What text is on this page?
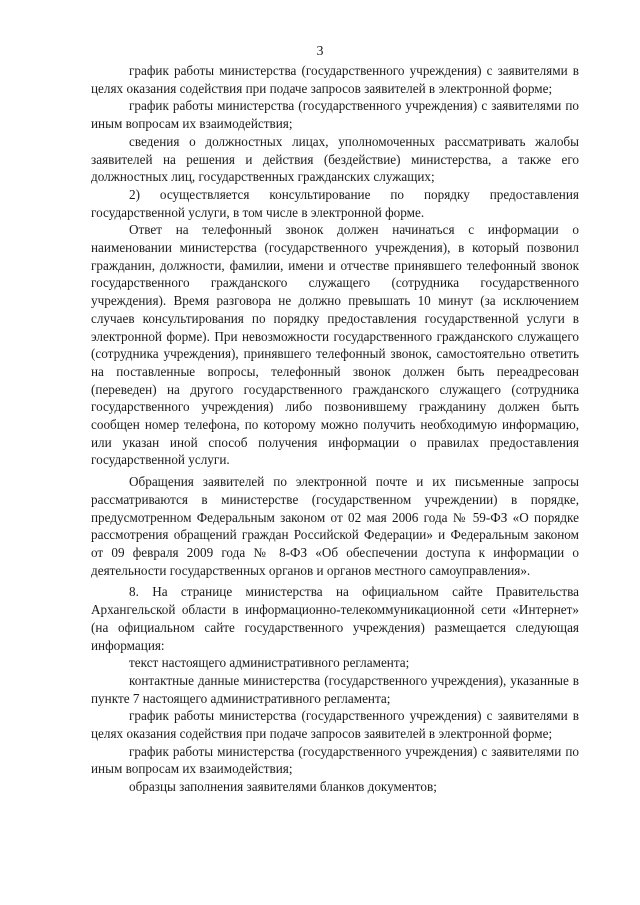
3

график работы министерства (государственного учреждения) с заявителями в целях оказания содействия при подаче запросов заявителей в электронной форме;

график работы министерства (государственного учреждения) с заявителями по иным вопросам их взаимодействия;

сведения о должностных лицах, уполномоченных рассматривать жалобы заявителей на решения и действия (бездействие) министерства, а также его должностных лиц, государственных гражданских служащих;

2) осуществляется консультирование по порядку предоставления государственной услуги, в том числе в электронной форме.

Ответ на телефонный звонок должен начинаться с информации о наименовании министерства (государственного учреждения), в который позвонил гражданин, должности, фамилии, имени и отчестве принявшего телефонный звонок государственного гражданского служащего (сотрудника государственного учреждения). Время разговора не должно превышать 10 минут (за исключением случаев консультирования по порядку предоставления государственной услуги в электронной форме). При невозможности государственного гражданского служащего (сотрудника учреждения), принявшего телефонный звонок, самостоятельно ответить на поставленные вопросы, телефонный звонок должен быть переадресован (переведен) на другого государственного гражданского служащего (сотрудника государственного учреждения) либо позвонившему гражданину должен быть сообщен номер телефона, по которому можно получить необходимую информацию, или указан иной способ получения информации о правилах предоставления государственной услуги.

Обращения заявителей по электронной почте и их письменные запросы рассматриваются в министерстве (государственном учреждении) в порядке, предусмотренном Федеральным законом от 02 мая 2006 года № 59-ФЗ «О порядке рассмотрения обращений граждан Российской Федерации» и Федеральным законом от 09 февраля 2009 года № 8-ФЗ «Об обеспечении доступа к информации о деятельности государственных органов и органов местного самоуправления».

8. На странице министерства на официальном сайте Правительства Архангельской области в информационно-телекоммуникационной сети «Интернет» (на официальном сайте государственного учреждения) размещается следующая информация:

текст настоящего административного регламента;

контактные данные министерства (государственного учреждения), указанные в пункте 7 настоящего административного регламента;

график работы министерства (государственного учреждения) с заявителями в целях оказания содействия при подаче запросов заявителей в электронной форме;

график работы министерства (государственного учреждения) с заявителями по иным вопросам их взаимодействия;

образцы заполнения заявителями бланков документов;
